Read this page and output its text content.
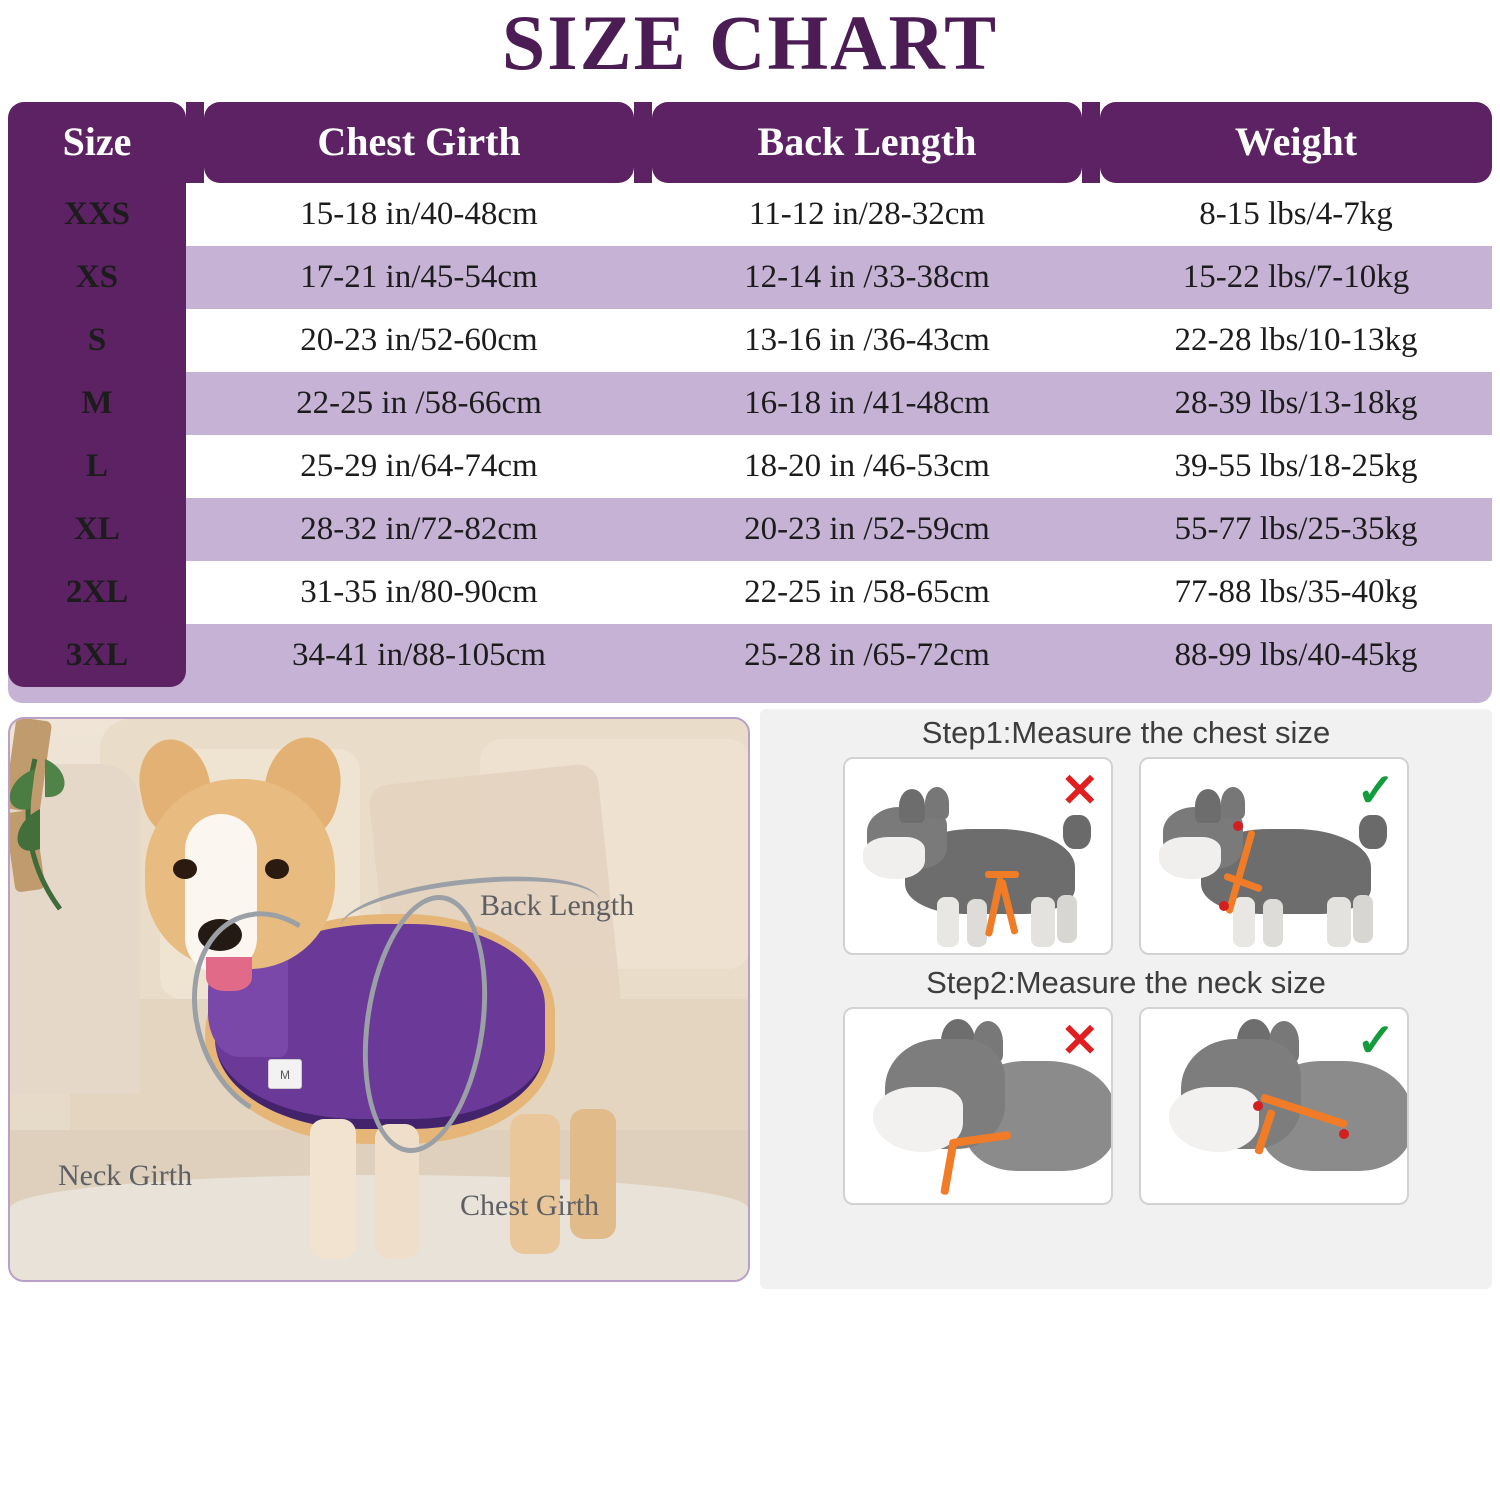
SIZE CHART
Size		Chest Girth		Back Length		Weight
XXS		15-18 in/40-48cm		11-12 in/28-32cm		8-15 lbs/4-7kg
XS		17-21 in/45-54cm		12-14 in /33-38cm		15-22 lbs/7-10kg
S		20-23 in/52-60cm		13-16 in /36-43cm		22-28 lbs/10-13kg
M		22-25 in /58-66cm		16-18 in /41-48cm		28-39 lbs/13-18kg
L		25-29 in/64-74cm		18-20 in /46-53cm		39-55 lbs/18-25kg
XL		28-32 in/72-82cm		20-23 in /52-59cm		55-77 lbs/25-35kg
2XL		31-35 in/80-90cm		22-25 in /58-65cm		77-88 lbs/35-40kg
3XL		34-41 in/88-105cm		25-28 in /65-72cm		88-99 lbs/40-45kg
M
Back Length
Neck Girth
Chest Girth
Step1:Measure the chest size
✕	✓
Step2:Measure the neck size
✕	✓
